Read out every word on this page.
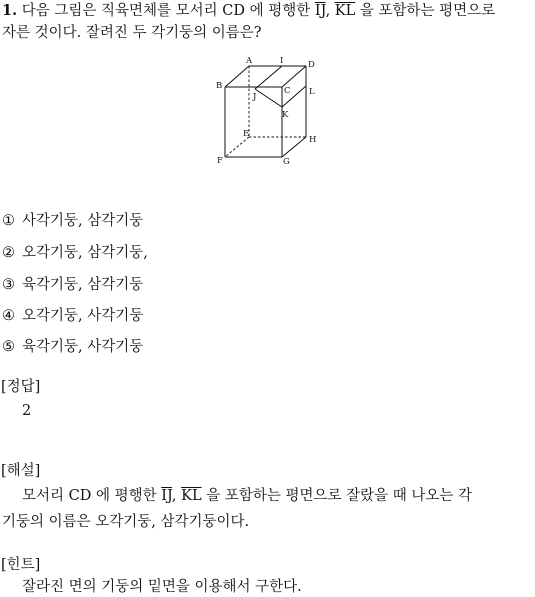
1. 다음 그림은 직육면체를 모서리 CD 에 평행한 $\overline{IJ}$, $\overline{KL}$ 을 포함하는 평면으로
자른 것이다. 잘려진 두 각기둥의 이름은?
A	I	D
B
J
C L
K
E
H
F	G
① 사각기둥, 삼각기둥
② 오각기둥, 삼각기둥,
③ 육각기둥, 삼각기둥
④ 오각기둥, 사각기둥
⑤ 육각기둥, 사각기둥
[정답]
2
[해설]
모서리 CD 에 평행한 $\overline{IJ}$, $\overline{KL}$ 을 포함하는 평면으로 잘랐을 때 나오는 각
기둥의 이름은 오각기둥, 삼각기둥이다.
[힌트]
잘라진 면의 기둥의 밑면을 이용해서 구한다.
